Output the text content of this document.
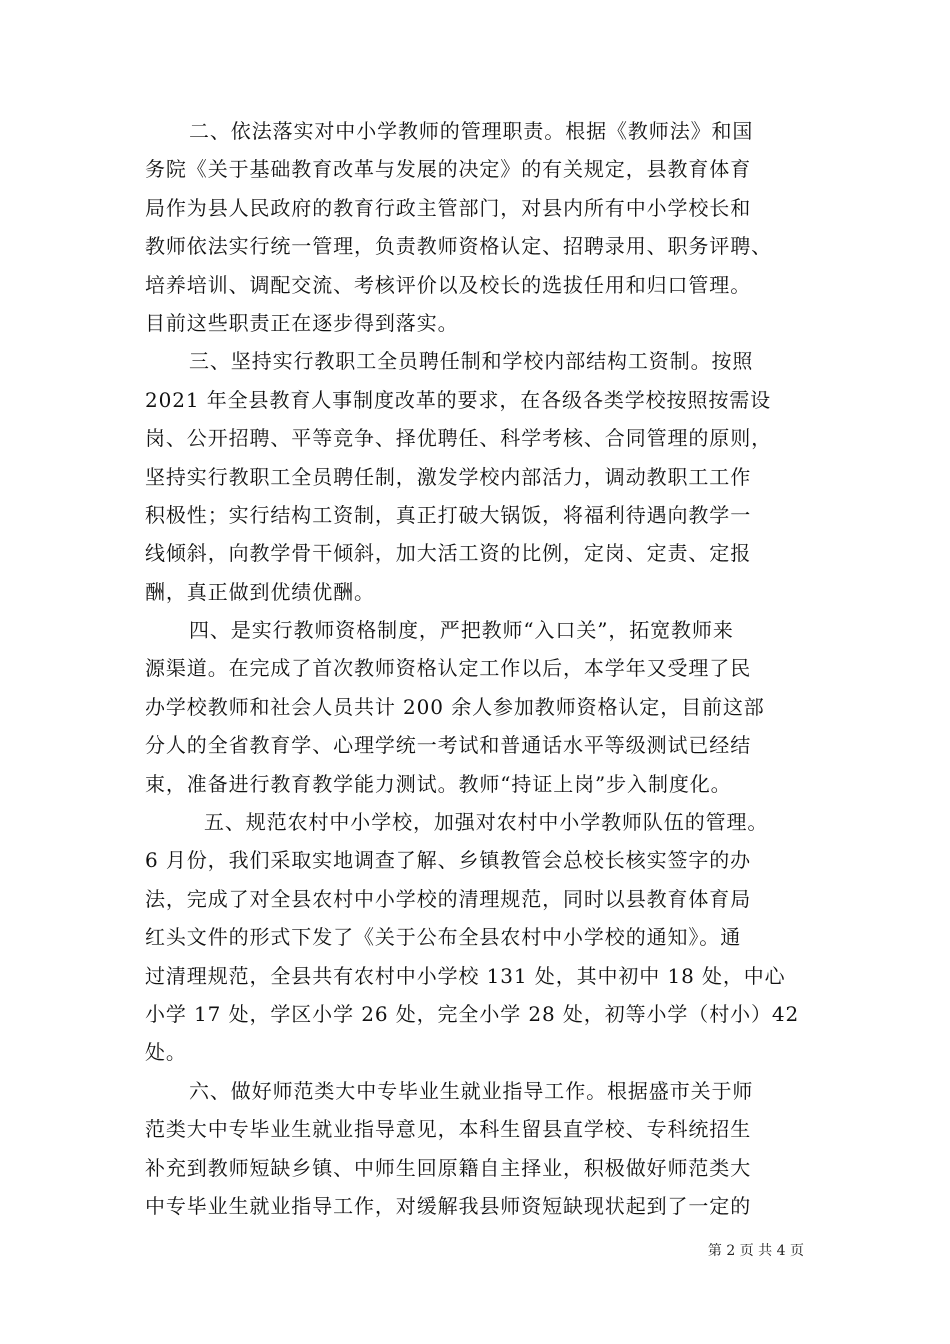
二、依法落实对中小学教师的管理职责。根据《教师法》和国
务院《关于基础教育改革与发展的决定》的有关规定，县教育体育
局作为县人民政府的教育行政主管部门，对县内所有中小学校长和
教师依法实行统一管理，负责教师资格认定、招聘录用、职务评聘、
培养培训、调配交流、考核评价以及校长的选拔任用和归口管理。
目前这些职责正在逐步得到落实。
三、坚持实行教职工全员聘任制和学校内部结构工资制。按照
2021 年全县教育人事制度改革的要求，在各级各类学校按照按需设
岗、公开招聘、平等竞争、择优聘任、科学考核、合同管理的原则，
坚持实行教职工全员聘任制，激发学校内部活力，调动教职工工作
积极性；实行结构工资制，真正打破大锅饭，将福利待遇向教学一
线倾斜，向教学骨干倾斜，加大活工资的比例，定岗、定责、定报
酬，真正做到优绩优酬。
四、是实行教师资格制度，严把教师“入口关”，拓宽教师来
源渠道。在完成了首次教师资格认定工作以后，本学年又受理了民
办学校教师和社会人员共计 200 余人参加教师资格认定，目前这部
分人的全省教育学、心理学统一考试和普通话水平等级测试已经结
束，准备进行教育教学能力测试。教师“持证上岗”步入制度化。
五、规范农村中小学校，加强对农村中小学教师队伍的管理。
6 月份，我们采取实地调查了解、乡镇教管会总校长核实签字的办
法，完成了对全县农村中小学校的清理规范，同时以县教育体育局
红头文件的形式下发了《关于公布全县农村中小学校的通知》。通
过清理规范，全县共有农村中小学校 131 处，其中初中 18 处，中心
小学 17 处，学区小学 26 处，完全小学 28 处，初等小学（村小）42
处。
六、做好师范类大中专毕业生就业指导工作。根据盛市关于师
范类大中专毕业生就业指导意见，本科生留县直学校、专科统招生
补充到教师短缺乡镇、中师生回原籍自主择业，积极做好师范类大
中专毕业生就业指导工作，对缓解我县师资短缺现状起到了一定的
第 2 页 共 4 页
